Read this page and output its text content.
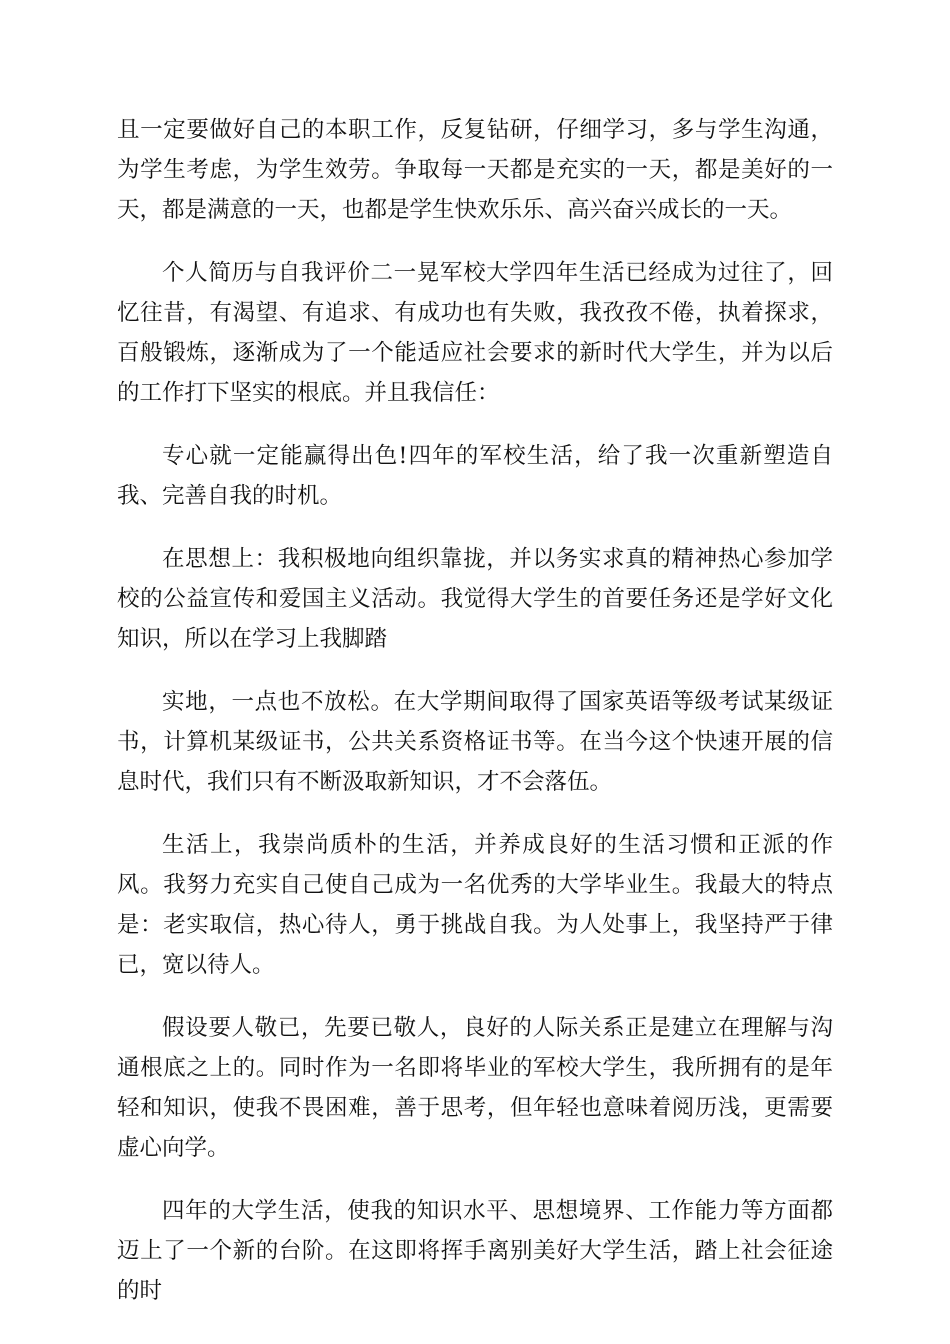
且一定要做好自己的本职工作，反复钻研，仔细学习，多与学生沟通，为学生考虑，为学生效劳。争取每一天都是充实的一天，都是美好的一天，都是满意的一天，也都是学生快欢乐乐、高兴奋兴成长的一天。

个人简历与自我评价二一晃军校大学四年生活已经成为过往了，回忆往昔，有渴望、有追求、有成功也有失败，我孜孜不倦，执着探求，百般锻炼，逐渐成为了一个能适应社会要求的新时代大学生，并为以后的工作打下坚实的根底。并且我信任：

专心就一定能赢得出色!四年的军校生活，给了我一次重新塑造自我、完善自我的时机。

在思想上：我积极地向组织靠拢，并以务实求真的精神热心参加学校的公益宣传和爱国主义活动。我觉得大学生的首要任务还是学好文化知识，所以在学习上我脚踏

实地，一点也不放松。在大学期间取得了国家英语等级考试某级证书，计算机某级证书，公共关系资格证书等。在当今这个快速开展的信息时代，我们只有不断汲取新知识，才不会落伍。

生活上，我崇尚质朴的生活，并养成良好的生活习惯和正派的作风。我努力充实自己使自己成为一名优秀的大学毕业生。我最大的特点是：老实取信，热心待人，勇于挑战自我。为人处事上，我坚持严于律已，宽以待人。

假设要人敬已，先要已敬人，良好的人际关系正是建立在理解与沟通根底之上的。同时作为一名即将毕业的军校大学生，我所拥有的是年轻和知识，使我不畏困难，善于思考，但年轻也意味着阅历浅，更需要虚心向学。

四年的大学生活，使我的知识水平、思想境界、工作能力等方面都迈上了一个新的台阶。在这即将挥手离别美好大学生活，踏上社会征途的时
